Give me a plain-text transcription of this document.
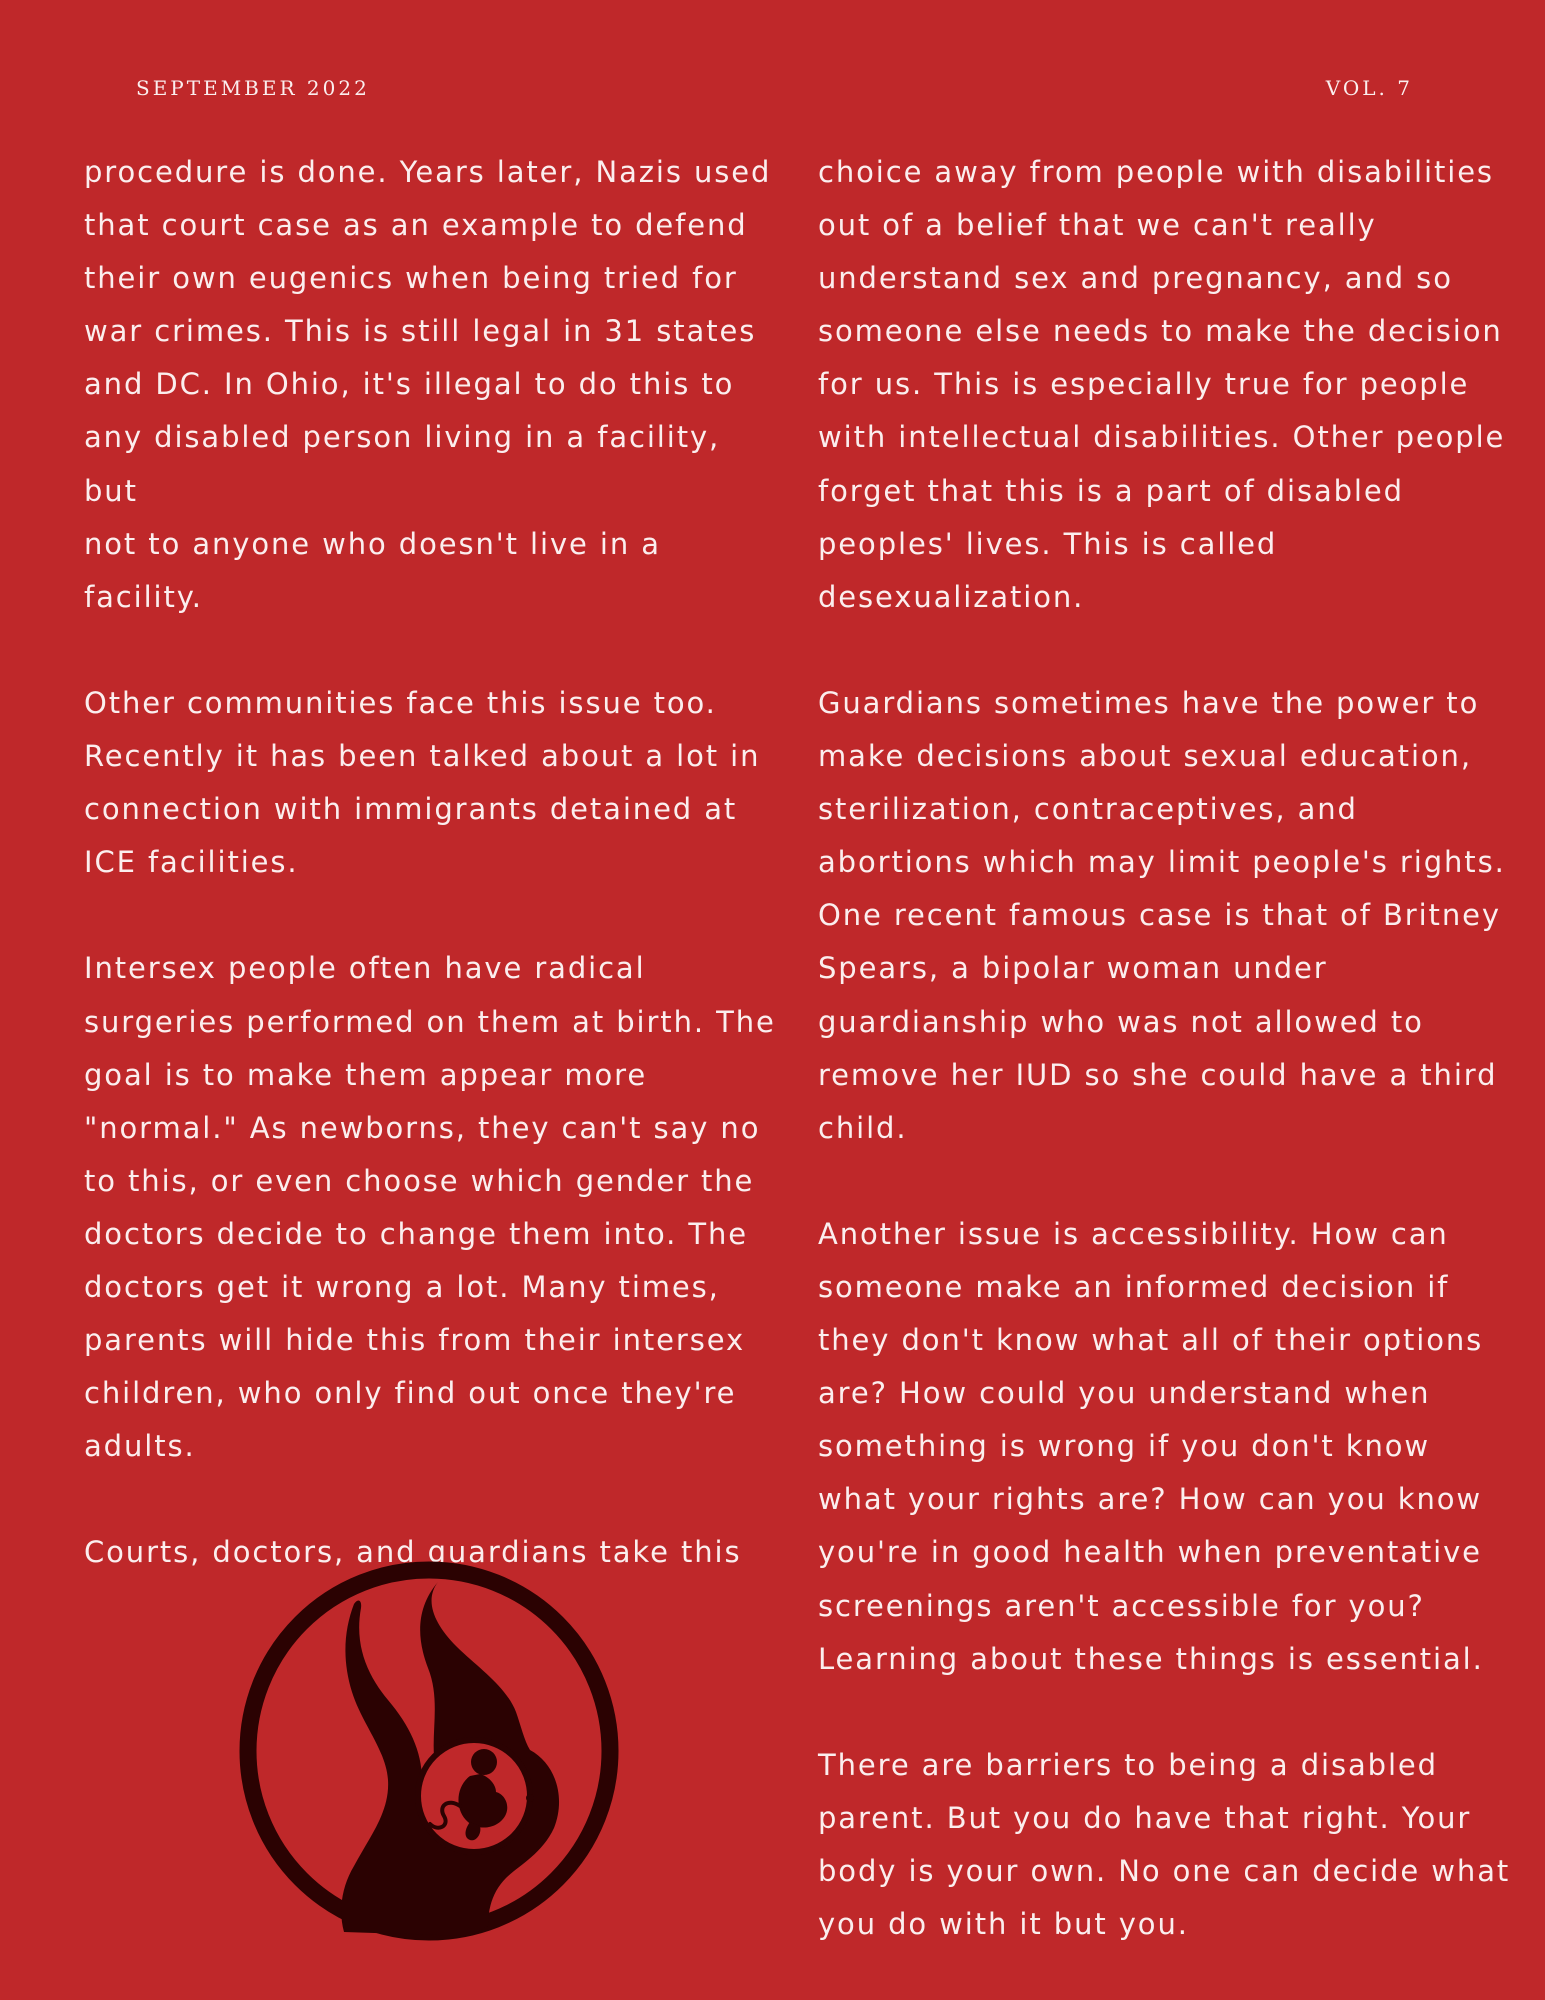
SEPTEMBER 2022	VOL. 7

procedure is done. Years later, Nazis used
that court case as an example to defend
their own eugenics when being tried for
war crimes. This is still legal in 31 states
and DC. In Ohio, it's illegal to do this to
any disabled person living in a facility, but
not to anyone who doesn't live in a
facility.

Other communities face this issue too.
Recently it has been talked about a lot in
connection with immigrants detained at
ICE facilities.

Intersex people often have radical
surgeries performed on them at birth. The
goal is to make them appear more
"normal." As newborns, they can't say no
to this, or even choose which gender the
doctors decide to change them into. The
doctors get it wrong a lot. Many times,
parents will hide this from their intersex
children, who only find out once they're
adults.

Courts, doctors, and guardians take this

choice away from people with disabilities
out of a belief that we can't really
understand sex and pregnancy, and so
someone else needs to make the decision
for us. This is especially true for people
with intellectual disabilities. Other people
forget that this is a part of disabled
peoples' lives. This is called
desexualization.

Guardians sometimes have the power to
make decisions about sexual education,
sterilization, contraceptives, and
abortions which may limit people's rights.
One recent famous case is that of Britney
Spears, a bipolar woman under
guardianship who was not allowed to
remove her IUD so she could have a third
child.

Another issue is accessibility. How can
someone make an informed decision if
they don't know what all of their options
are? How could you understand when
something is wrong if you don't know
what your rights are? How can you know
you're in good health when preventative
screenings aren't accessible for you?
Learning about these things is essential.

There are barriers to being a disabled
parent. But you do have that right. Your
body is your own. No one can decide what
you do with it but you.
